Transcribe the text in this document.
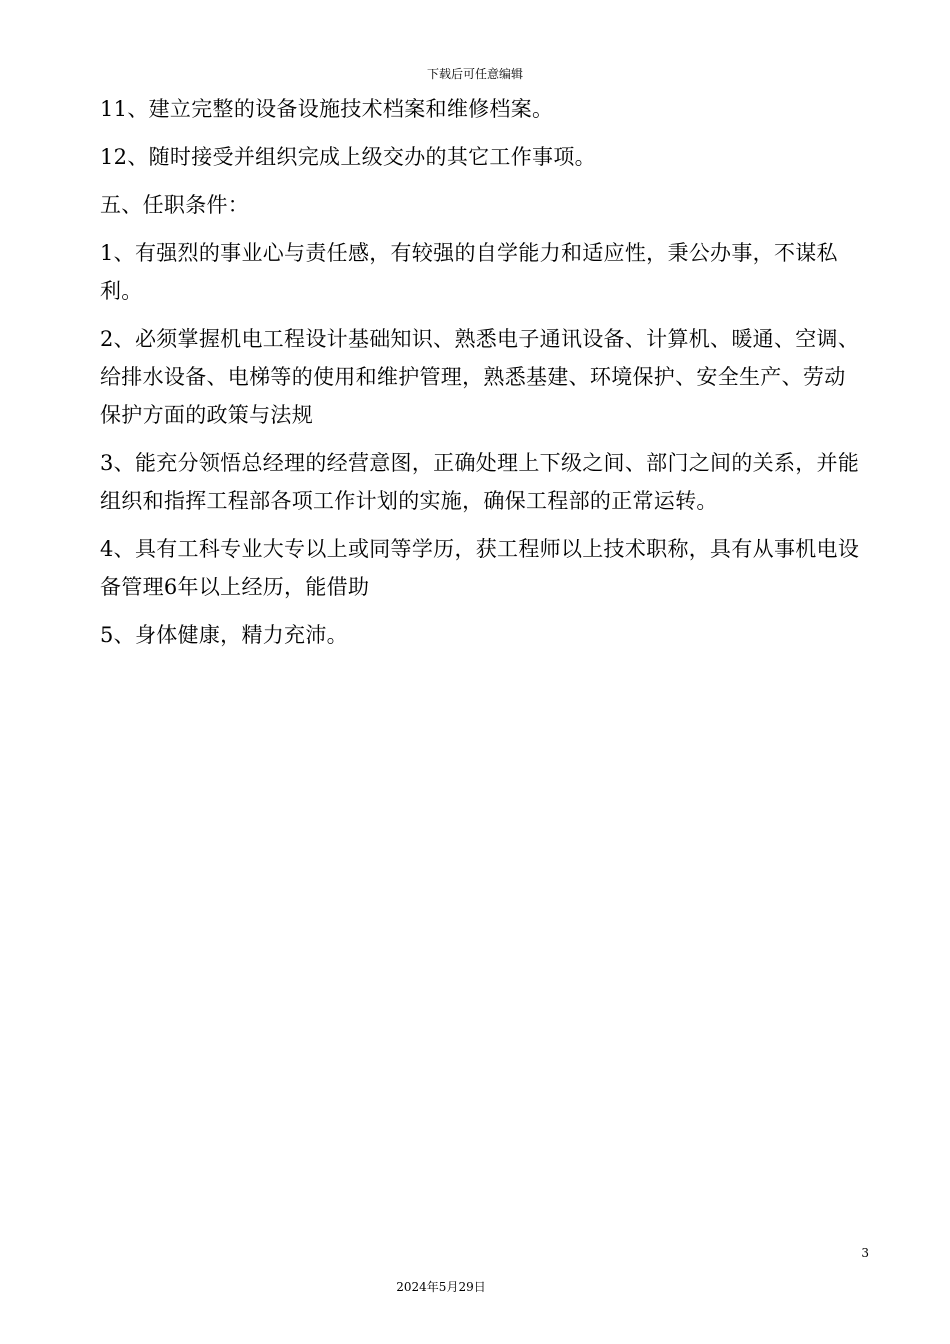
下载后可任意编辑

11、建立完整的设备设施技术档案和维修档案。

12、随时接受并组织完成上级交办的其它工作事项。

五、任职条件：

1、有强烈的事业心与责任感，有较强的自学能力和适应性，秉公办事，不谋私利。

2、必须掌握机电工程设计基础知识、熟悉电子通讯设备、计算机、暖通、空调、给排水设备、电梯等的使用和维护管理，熟悉基建、环境保护、安全生产、劳动保护方面的政策与法规

3、能充分领悟总经理的经营意图，正确处理上下级之间、部门之间的关系，并能组织和指挥工程部各项工作计划的实施，确保工程部的正常运转。

4、具有工科专业大专以上或同等学历，获工程师以上技术职称，具有从事机电设备管理6年以上经历，能借助

5、身体健康，精力充沛。

3
2024年5月29日
